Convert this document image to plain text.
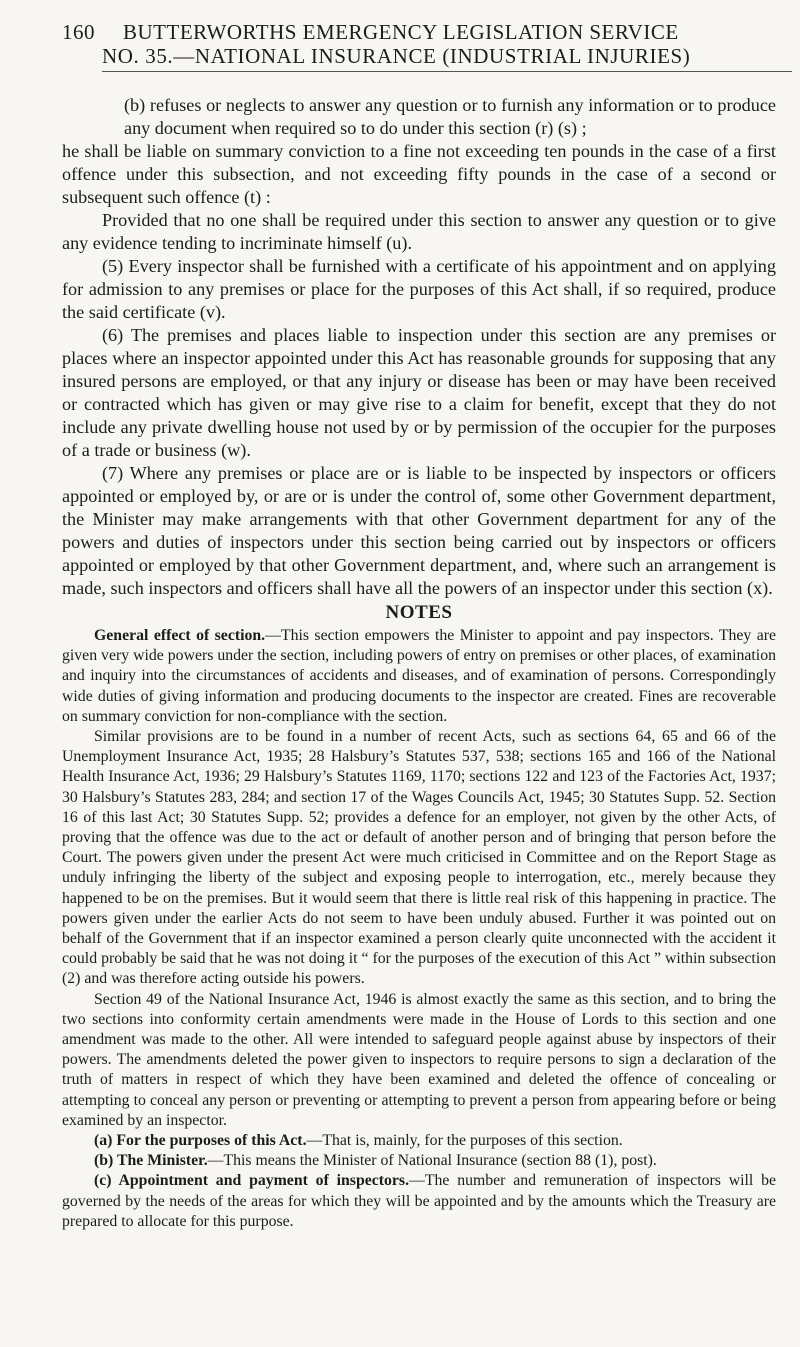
160 BUTTERWORTHS EMERGENCY LEGISLATION SERVICE
NO. 35.—NATIONAL INSURANCE (INDUSTRIAL INJURIES)

(b) refuses or neglects to answer any question or to furnish any information or to produce any document when required so to do under this section (r) (s) ;

he shall be liable on summary conviction to a fine not exceeding ten pounds in the case of a first offence under this subsection, and not exceeding fifty pounds in the case of a second or subsequent such offence (t) :

Provided that no one shall be required under this section to answer any question or to give any evidence tending to incriminate himself (u).

(5) Every inspector shall be furnished with a certificate of his appointment and on applying for admission to any premises or place for the purposes of this Act shall, if so required, produce the said certificate (v).

(6) The premises and places liable to inspection under this section are any premises or places where an inspector appointed under this Act has reasonable grounds for supposing that any insured persons are employed, or that any injury or disease has been or may have been received or contracted which has given or may give rise to a claim for benefit, except that they do not include any private dwelling house not used by or by permission of the occupier for the purposes of a trade or business (w).

(7) Where any premises or place are or is liable to be inspected by inspectors or officers appointed or employed by, or are or is under the control of, some other Government department, the Minister may make arrangements with that other Government department for any of the powers and duties of inspectors under this section being carried out by inspectors or officers appointed or employed by that other Government department, and, where such an arrangement is made, such inspectors and officers shall have all the powers of an inspector under this section (x).

NOTES

General effect of section.—This section empowers the Minister to appoint and pay inspectors. They are given very wide powers under the section, including powers of entry on premises or other places, of examination and inquiry into the circumstances of accidents and diseases, and of examination of persons. Correspondingly wide duties of giving information and producing documents to the inspector are created. Fines are recoverable on summary conviction for non-compliance with the section.

Similar provisions are to be found in a number of recent Acts, such as sections 64, 65 and 66 of the Unemployment Insurance Act, 1935; 28 Halsbury’s Statutes 537, 538; sections 165 and 166 of the National Health Insurance Act, 1936; 29 Halsbury’s Statutes 1169, 1170; sections 122 and 123 of the Factories Act, 1937; 30 Halsbury’s Statutes 283, 284; and section 17 of the Wages Councils Act, 1945; 30 Statutes Supp. 52. Section 16 of this last Act; 30 Statutes Supp. 52; provides a defence for an employer, not given by the other Acts, of proving that the offence was due to the act or default of another person and of bringing that person before the Court. The powers given under the present Act were much criticised in Committee and on the Report Stage as unduly infringing the liberty of the subject and exposing people to interrogation, etc., merely because they happened to be on the premises. But it would seem that there is little real risk of this happening in practice. The powers given under the earlier Acts do not seem to have been unduly abused. Further it was pointed out on behalf of the Government that if an inspector examined a person clearly quite unconnected with the accident it could probably be said that he was not doing it “ for the purposes of the execution of this Act ” within subsection (2) and was therefore acting outside his powers.

Section 49 of the National Insurance Act, 1946 is almost exactly the same as this section, and to bring the two sections into conformity certain amendments were made in the House of Lords to this section and one amendment was made to the other. All were intended to safeguard people against abuse by inspectors of their powers. The amendments deleted the power given to inspectors to require persons to sign a declaration of the truth of matters in respect of which they have been examined and deleted the offence of concealing or attempting to conceal any person or preventing or attempting to prevent a person from appearing before or being examined by an inspector.

(a) For the purposes of this Act.—That is, mainly, for the purposes of this section.

(b) The Minister.—This means the Minister of National Insurance (section 88 (1), post).

(c) Appointment and payment of inspectors.—The number and remuneration of inspectors will be governed by the needs of the areas for which they will be appointed and by the amounts which the Treasury are prepared to allocate for this purpose.
